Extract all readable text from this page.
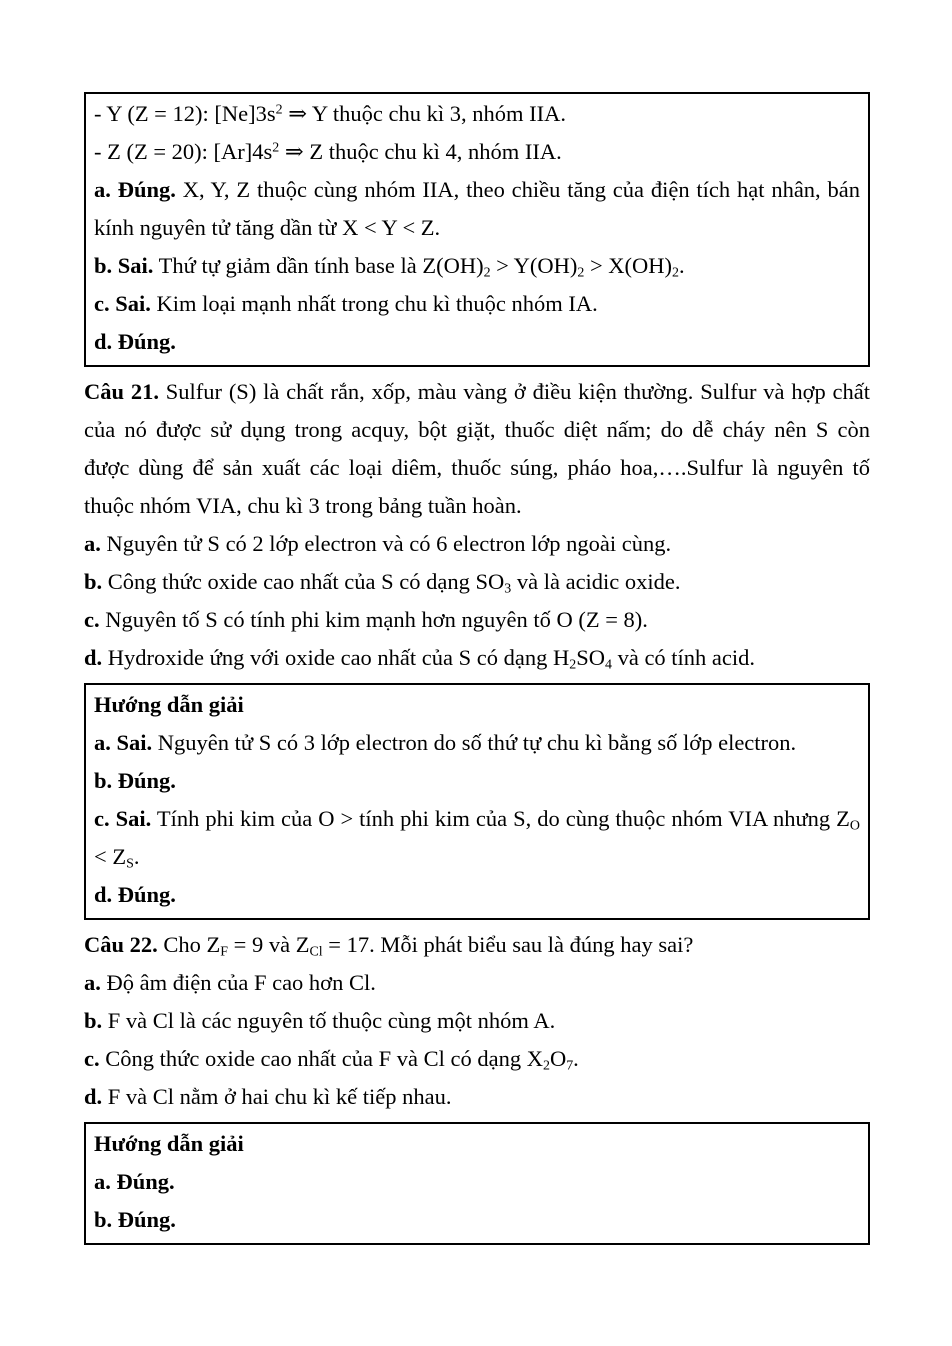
- Y (Z = 12): $[Ne]3s^2$ ⇒ Y thuộc chu kì 3, nhóm IIA.
- Z (Z = 20): $[Ar]4s^2$ ⇒ Z thuộc chu kì 4, nhóm IIA.
a. Đúng. X, Y, Z thuộc cùng nhóm IIA, theo chiều tăng của điện tích hạt nhân, bán
kính nguyên tử tăng dần từ X < Y < Z.
b. Sai. Thứ tự giảm dần tính base là Z(OH)2 > Y(OH)2 > X(OH)2.
c. Sai. Kim loại mạnh nhất trong chu kì thuộc nhóm IA.
d. Đúng.
Câu 21. Sulfur (S) là chất rắn, xốp, màu vàng ở điều kiện thường. Sulfur và hợp chất
của nó được sử dụng trong acquy, bột giặt, thuốc diệt nấm; do dễ cháy nên S còn
được dùng để sản xuất các loại diêm, thuốc súng, pháo hoa,….Sulfur là nguyên tố
thuộc nhóm VIA, chu kì 3 trong bảng tuần hoàn.
a. Nguyên tử S có 2 lớp electron và có 6 electron lớp ngoài cùng.
b. Công thức oxide cao nhất của S có dạng SO3 và là acidic oxide.
c. Nguyên tố S có tính phi kim mạnh hơn nguyên tố O (Z = 8).
d. Hydroxide ứng với oxide cao nhất của S có dạng H2SO4 và có tính acid.
Hướng dẫn giải
a. Sai. Nguyên tử S có 3 lớp electron do số thứ tự chu kì bằng số lớp electron.
b. Đúng.
c. Sai. Tính phi kim của O > tính phi kim của S, do cùng thuộc nhóm VIA nhưng ZO
< ZS.
d. Đúng.
Câu 22. Cho ZF = 9 và ZCl = 17. Mỗi phát biểu sau là đúng hay sai?
a. Độ âm điện của F cao hơn Cl.
b. F và Cl là các nguyên tố thuộc cùng một nhóm A.
c. Công thức oxide cao nhất của F và Cl có dạng X2O7.
d. F và Cl nằm ở hai chu kì kế tiếp nhau.
Hướng dẫn giải
a. Đúng.
b. Đúng.
